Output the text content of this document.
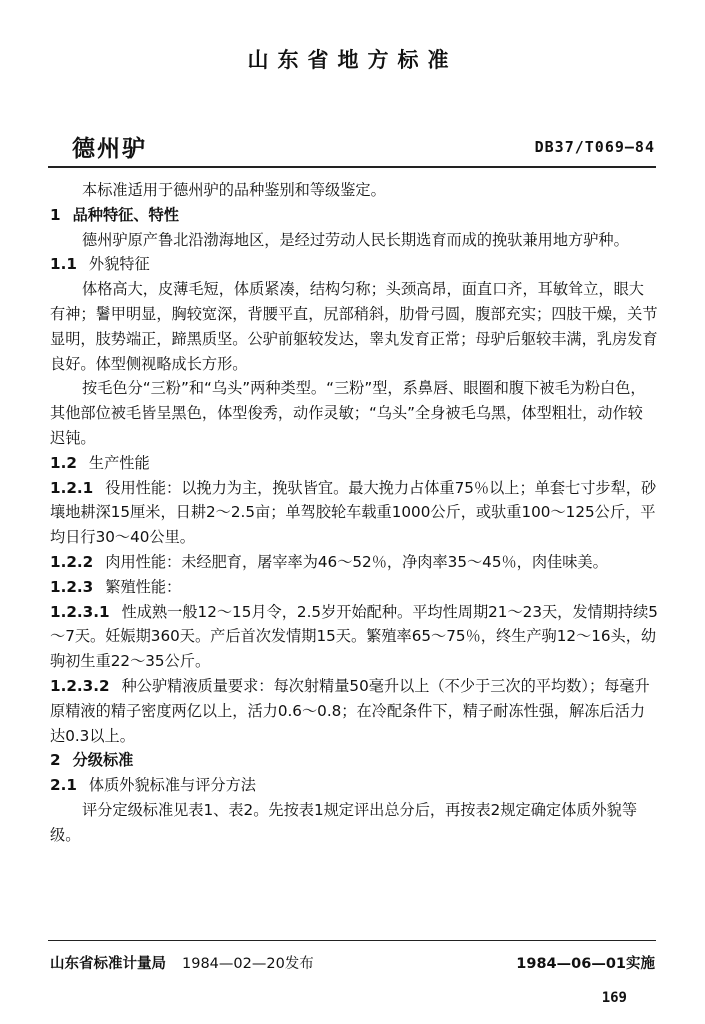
山东省地方标准
德州驴	DB37/T069—84

本标准适用于德州驴的品种鉴别和等级鉴定。

1 品种特征、特性

德州驴原产鲁北沿渤海地区，是经过劳动人民长期选育而成的挽驮兼用地方驴种。

1.1 外貌特征

体格高大，皮薄毛短，体质紧凑，结构匀称；头颈高昂，面直口齐，耳敏耸立，眼大有神；鬐甲明显，胸较宽深，背腰平直，尻部稍斜，肋骨弓圆，腹部充实；四肢干燥，关节显明，肢势端正，蹄黑质坚。公驴前躯较发达，睾丸发育正常；母驴后躯较丰满，乳房发育良好。体型侧视略成长方形。

按毛色分“三粉”和“乌头”两种类型。“三粉”型，系鼻唇、眼圈和腹下被毛为粉白色，其他部位被毛皆呈黑色，体型俊秀，动作灵敏；“乌头”全身被毛乌黑，体型粗壮，动作较迟钝。

1.2 生产性能

1.2.1 役用性能：以挽力为主，挽驮皆宜。最大挽力占体重75％以上；单套七寸步犁，砂壤地耕深15厘米，日耕2～2.5亩；单驾胶轮车载重1000公斤，或驮重100～125公斤，平均日行30～40公里。

1.2.2 肉用性能：未经肥育，屠宰率为46～52％，净肉率35～45％，肉佳味美。

1.2.3 繁殖性能：

1.2.3.1 性成熟一般12～15月令，2.5岁开始配种。平均性周期21～23天，发情期持续5～7天。妊娠期360天。产后首次发情期15天。繁殖率65～75％，终生产驹12～16头，幼驹初生重22～35公斤。

1.2.3.2 种公驴精液质量要求：每次射精量50毫升以上（不少于三次的平均数）；每毫升原精液的精子密度两亿以上，活力0.6～0.8；在冷配条件下，精子耐冻性强，解冻后活力达0.3以上。

2 分级标准
2.1 体质外貌标准与评分方法

评分定级标准见表1、表2。先按表1规定评出总分后，再按表2规定确定体质外貌等级。

山东省标准计量局 1984—02—20发布	1984—06—01实施
169
